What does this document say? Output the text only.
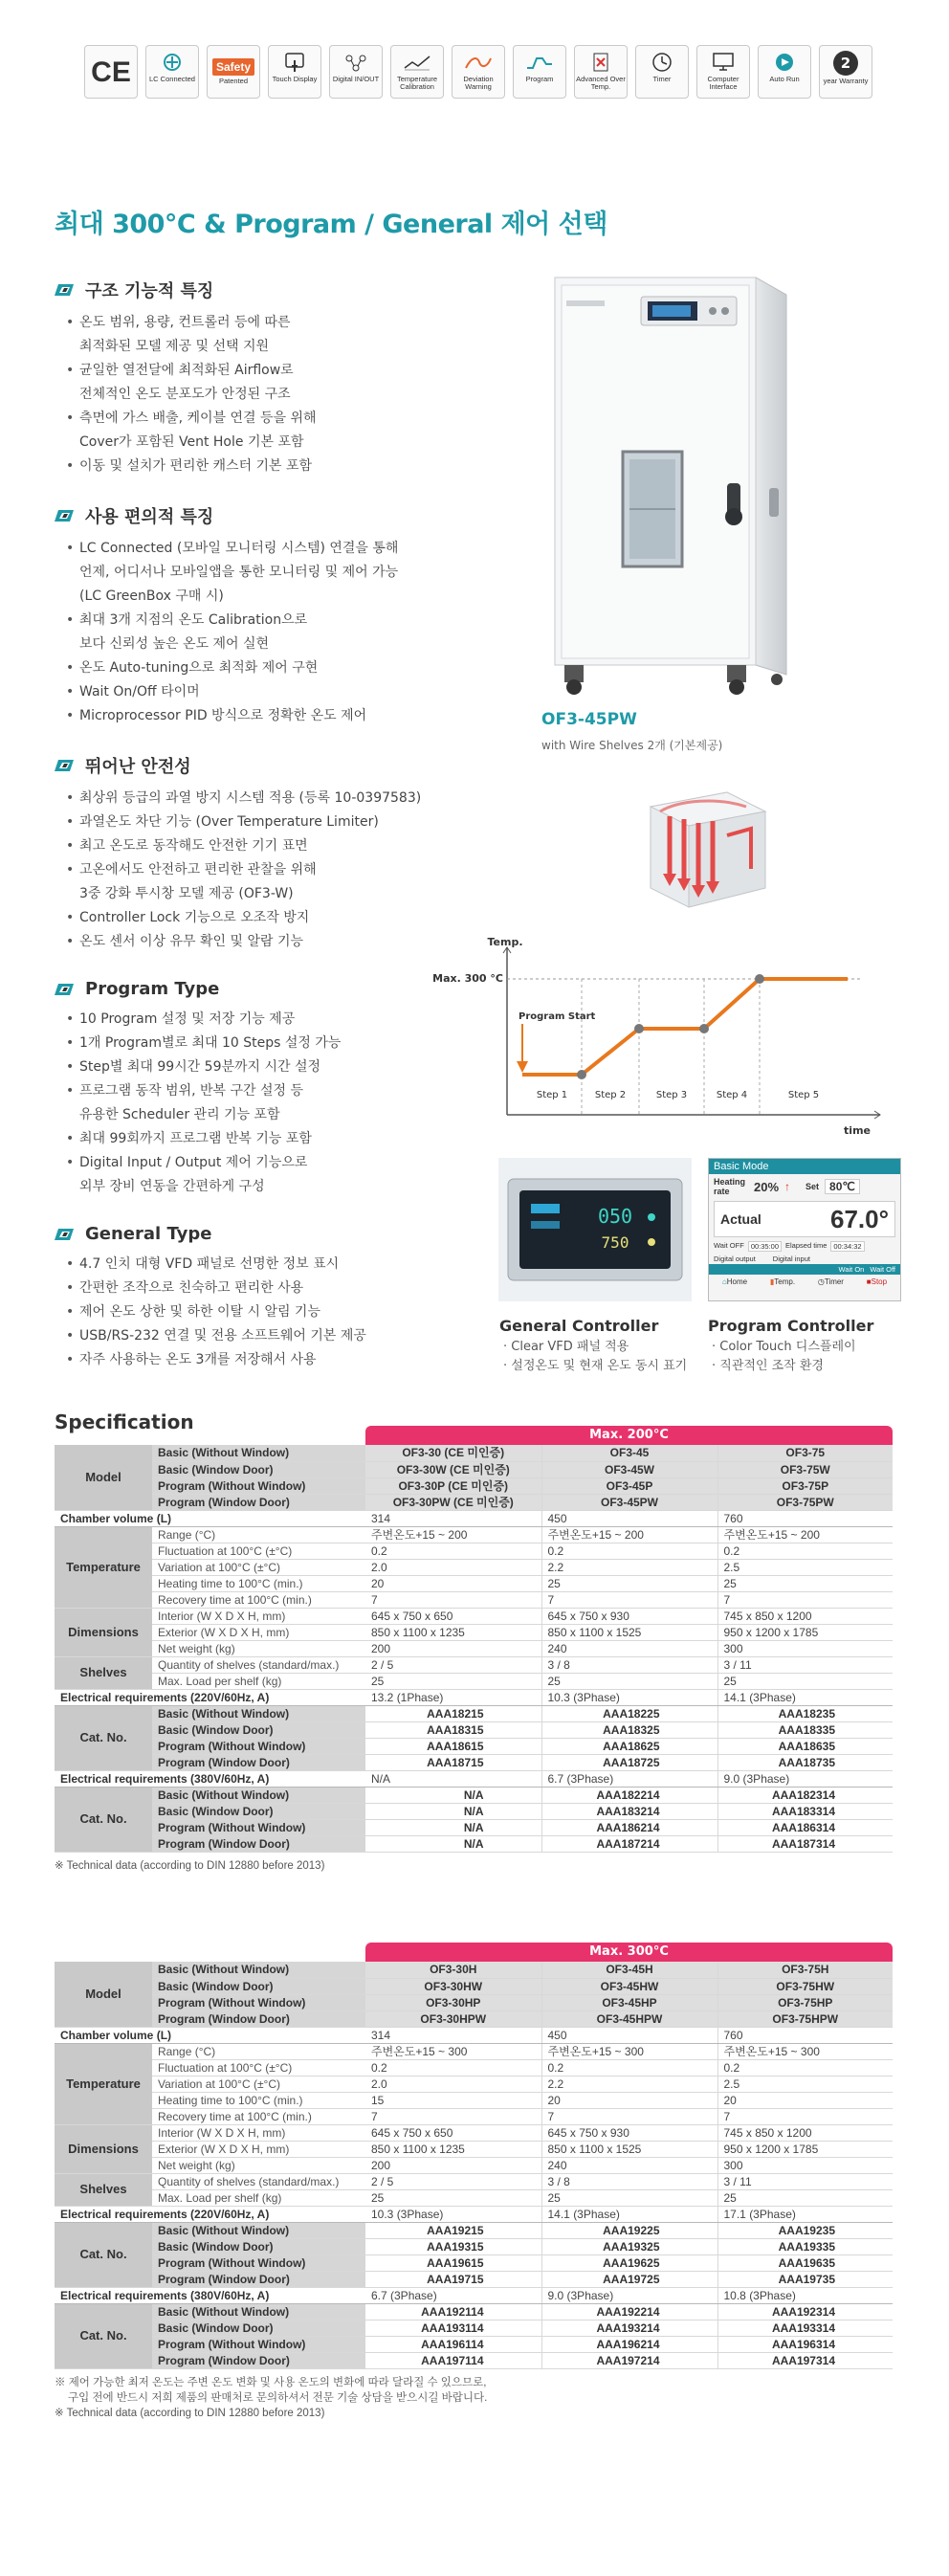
CE	LC Connected
Safety
Patented	Touch Display Digital IN/OUT	Temperature Calibration
Deviation Warning
Program	Advanced Over Temp.
Timer	Computer Interface
Auto Run
2
year Warranty
최대 300°C & Program / General 제어 선택
구조 기능적 특징
• 온도 범위, 용량, 컨트롤러 등에 따른
최적화된 모델 제공 및 선택 지원
• 균일한 열전달에 최적화된 Airflow로
전체적인 온도 분포도가 안정된 구조
• 측면에 가스 배출, 케이블 연결 등을 위해
Cover가 포함된 Vent Hole 기본 포함
• 이동 및 설치가 편리한 캐스터 기본 포함
사용 편의적 특징
• LC Connected (모바일 모니터링 시스템) 연결을 통해
언제, 어디서나 모바일앱을 통한 모니터링 및 제어 가능
(LC GreenBox 구매 시)
• 최대 3개 지점의 온도 Calibration으로
보다 신뢰성 높은 온도 제어 실현
• 온도 Auto-tuning으로 최적화 제어 구현
• Wait On/Off 타이머
• Microprocessor PID 방식으로 정확한 온도 제어
뛰어난 안전성
• 최상위 등급의 과열 방지 시스템 적용 (등록 10-0397583)
• 과열온도 차단 기능 (Over Temperature Limiter)
• 최고 온도로 동작해도 안전한 기기 표면
• 고온에서도 안전하고 편리한 관찰을 위해
3중 강화 투시창 모델 제공 (OF3-W)
• Controller Lock 기능으로 오조작 방지
• 온도 센서 이상 유무 확인 및 알람 기능
Program Type
• 10 Program 설정 및 저장 기능 제공
• 1개 Program별로 최대 10 Steps 설정 가능
• Step별 최대 99시간 59분까지 시간 설정
• 프로그램 동작 범위, 반복 구간 설정 등
유용한 Scheduler 관리 기능 포함
• 최대 99회까지 프로그램 반복 기능 포함
• Digital Input / Output 제어 기능으로
외부 장비 연동을 간편하게 구성
General Type
• 4.7 인치 대형 VFD 패널로 선명한 정보 표시
• 간편한 조작으로 친숙하고 편리한 사용
• 제어 온도 상한 및 하한 이탈 시 알림 기능
• USB/RS-232 연결 및 전용 소프트웨어 기본 제공
• 자주 사용하는 온도 3개를 저장해서 사용
OF3-45PW
with Wire Shelves 2개 (기본제공)
Temp.
Max. 300 °C
time
Step 1	Step 2	Step 3	Step 4	Step 5
Program Start
050
750
General Controller
· Clear VFD 패널 적용
· 설정온도 및 현재 온도 동시 표기
Basic Mode
Heating rate	20% ↑ Set 80℃
Actual	67.0°
Wait OFF 00:35:00 Elapsed time 00:34:32
Digital output Digital input
Wait On Wait Off
⌂Home	▮Temp.	◷Timer	■Stop
Program Controller
· Color Touch 디스플레이
· 직관적인 조작 환경
Specification
Max. 200°C
Model	Basic (Without Window)	OF3-30 (CE 미인증)	OF3-45	OF3-75
	Basic (Window Door)	OF3-30W (CE 미인증)	OF3-45W	OF3-75W
	Program (Without Window)	OF3-30P (CE 미인증)	OF3-45P	OF3-75P
	Program (Window Door)	OF3-30PW (CE 미인증)	OF3-45PW	OF3-75PW
Chamber volume (L)		314	450	760
Temperature	Range (°C)	주변온도+15 ~ 200	주변온도+15 ~ 200	주변온도+15 ~ 200
	Fluctuation at 100°C (±°C)	0.2	0.2	0.2
	Variation at 100°C (±°C)	2.0	2.2	2.5
	Heating time to 100°C (min.)	20	25	25
	Recovery time at 100°C (min.)	7	7	7
Dimensions	Interior (W X D X H, mm)	645 x 750 x 650	645 x 750 x 930	745 x 850 x 1200
	Exterior (W X D X H, mm)	850 x 1100 x 1235	850 x 1100 x 1525	950 x 1200 x 1785
	Net weight (kg)	200	240	300
Shelves	Quantity of shelves (standard/max.)	2 / 5	3 / 8	3 / 11
	Max. Load per shelf (kg)	25	25	25
Electrical requirements (220V/60Hz, A)		13.2 (1Phase)	10.3 (3Phase)	14.1 (3Phase)
Cat. No.	Basic (Without Window)	AAA18215	AAA18225	AAA18235
	Basic (Window Door)	AAA18315	AAA18325	AAA18335
	Program (Without Window)	AAA18615	AAA18625	AAA18635
	Program (Window Door)	AAA18715	AAA18725	AAA18735
Electrical requirements (380V/60Hz, A)		N/A	6.7 (3Phase)	9.0 (3Phase)
Cat. No.	Basic (Without Window)	N/A	AAA182214	AAA182314
	Basic (Window Door)	N/A	AAA183214	AAA183314
	Program (Without Window)	N/A	AAA186214	AAA186314
	Program (Window Door)	N/A	AAA187214	AAA187314
※ Technical data (according to DIN 12880 before 2013)
Max. 300°C
Model	Basic (Without Window)	OF3-30H	OF3-45H	OF3-75H
	Basic (Window Door)	OF3-30HW	OF3-45HW	OF3-75HW
	Program (Without Window)	OF3-30HP	OF3-45HP	OF3-75HP
	Program (Window Door)	OF3-30HPW	OF3-45HPW	OF3-75HPW
Chamber volume (L)		314	450	760
Temperature	Range (°C)	주변온도+15 ~ 300	주변온도+15 ~ 300	주변온도+15 ~ 300
	Fluctuation at 100°C (±°C)	0.2	0.2	0.2
	Variation at 100°C (±°C)	2.0	2.2	2.5
	Heating time to 100°C (min.)	15	20	20
	Recovery time at 100°C (min.)	7	7	7
Dimensions	Interior (W X D X H, mm)	645 x 750 x 650	645 x 750 x 930	745 x 850 x 1200
	Exterior (W X D X H, mm)	850 x 1100 x 1235	850 x 1100 x 1525	950 x 1200 x 1785
	Net weight (kg)	200	240	300
Shelves	Quantity of shelves (standard/max.)	2 / 5	3 / 8	3 / 11
	Max. Load per shelf (kg)	25	25	25
Electrical requirements (220V/60Hz, A)		10.3 (3Phase)	14.1 (3Phase)	17.1 (3Phase)
Cat. No.	Basic (Without Window)	AAA19215	AAA19225	AAA19235
	Basic (Window Door)	AAA19315	AAA19325	AAA19335
	Program (Without Window)	AAA19615	AAA19625	AAA19635
	Program (Window Door)	AAA19715	AAA19725	AAA19735
Electrical requirements (380V/60Hz, A)		6.7 (3Phase)	9.0 (3Phase)	10.8 (3Phase)
Cat. No.	Basic (Without Window)	AAA192114	AAA192214	AAA192314
	Basic (Window Door)	AAA193114	AAA193214	AAA193314
	Program (Without Window)	AAA196114	AAA196214	AAA196314
	Program (Window Door)	AAA197114	AAA197214	AAA197314
※ 제어 가능한 최저 온도는 주변 온도 변화 및 사용 온도의 변화에 따라 달라질 수 있으므로,
구입 전에 반드시 저희 제품의 판매처로 문의하셔서 전문 기술 상담을 받으시길 바랍니다.
※ Technical data (according to DIN 12880 before 2013)
